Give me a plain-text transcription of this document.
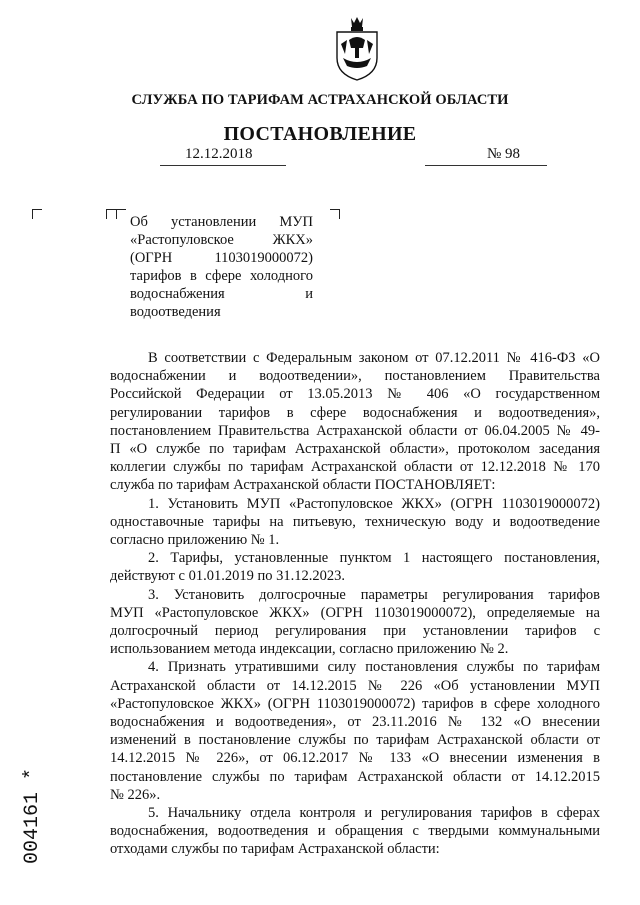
СЛУЖБА ПО ТАРИФАМ АСТРАХАНСКОЙ ОБЛАСТИ
ПОСТАНОВЛЕНИЕ
12.12.2018	№ 98
Об установлении МУП
«Растопуловское ЖКХ»
(ОГРН 1103019000072)
тарифов в сфере холодного
водоснабжения и
водоотведения
В соответствии с Федеральным законом от 07.12.2011 № 416-ФЗ «О
водоснабжении и водоотведении», постановлением Правительства
Российской Федерации от 13.05.2013 № 406 «О государственном
регулировании тарифов в сфере водоснабжения и водоотведения»,
постановлением Правительства Астраханской области от 06.04.2005 № 49-
П «О службе по тарифам Астраханской области», протоколом заседания
коллегии службы по тарифам Астраханской области от 12.12.2018 № 170
служба по тарифам Астраханской области ПОСТАНОВЛЯЕТ:
1. Установить МУП «Растопуловское ЖКХ» (ОГРН 1103019000072)
одноставочные тарифы на питьевую, техническую воду и водоотведение
согласно приложению № 1.
2. Тарифы, установленные пунктом 1 настоящего постановления,
действуют с 01.01.2019 по 31.12.2023.
3. Установить долгосрочные параметры регулирования тарифов
МУП «Растопуловское ЖКХ» (ОГРН 1103019000072), определяемые на
долгосрочный период регулирования при установлении тарифов с
использованием метода индексации, согласно приложению № 2.
4. Признать утратившими силу постановления службы по тарифам
Астраханской области от 14.12.2015 № 226 «Об установлении МУП
«Растопуловское ЖКХ» (ОГРН 1103019000072) тарифов в сфере холодного
водоснабжения и водоотведения», от 23.11.2016 № 132 «О внесении
изменений в постановление службы по тарифам Астраханской области от
14.12.2015 № 226», от 06.12.2017 № 133 «О внесении изменения в
постановление службы по тарифам Астраханской области от 14.12.2015
№ 226».
5. Начальнику отдела контроля и регулирования тарифов в сферах
водоснабжения, водоотведения и обращения с твердыми коммунальными
отходами службы по тарифам Астраханской области:
004161 *
